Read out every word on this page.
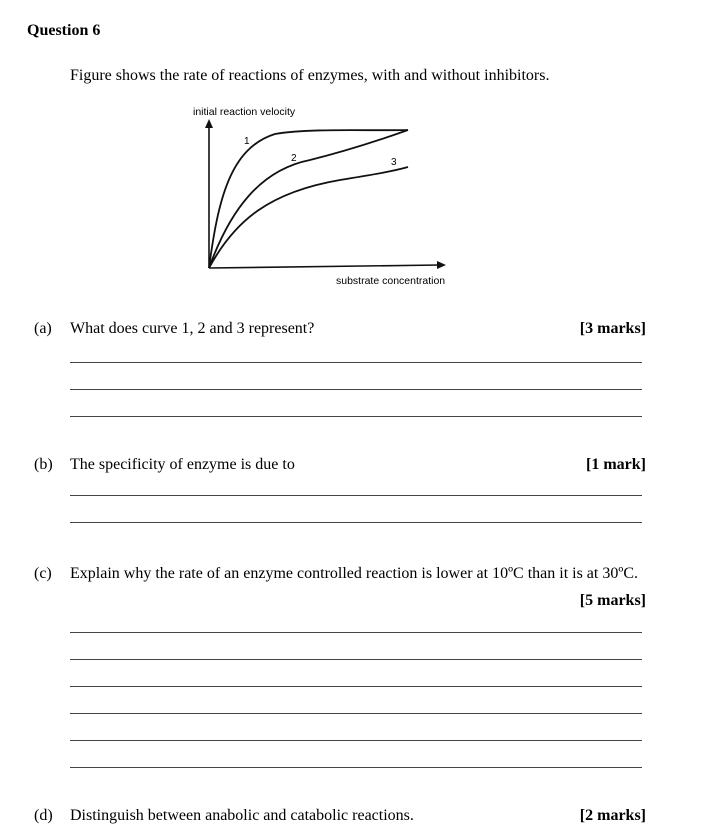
Question 6
Figure shows the rate of reactions of enzymes, with and without inhibitors.
initial reaction velocity
1
2	3
substrate concentration
(a) What does curve 1, 2 and 3 represent?	[3 marks]
(b) The specificity of enzyme is due to	[1 mark]
(c) Explain why the rate of an enzyme controlled reaction is lower at 10ºC than it is at 30ºC.
[5 marks]
(d) Distinguish between anabolic and catabolic reactions.	[2 marks]
